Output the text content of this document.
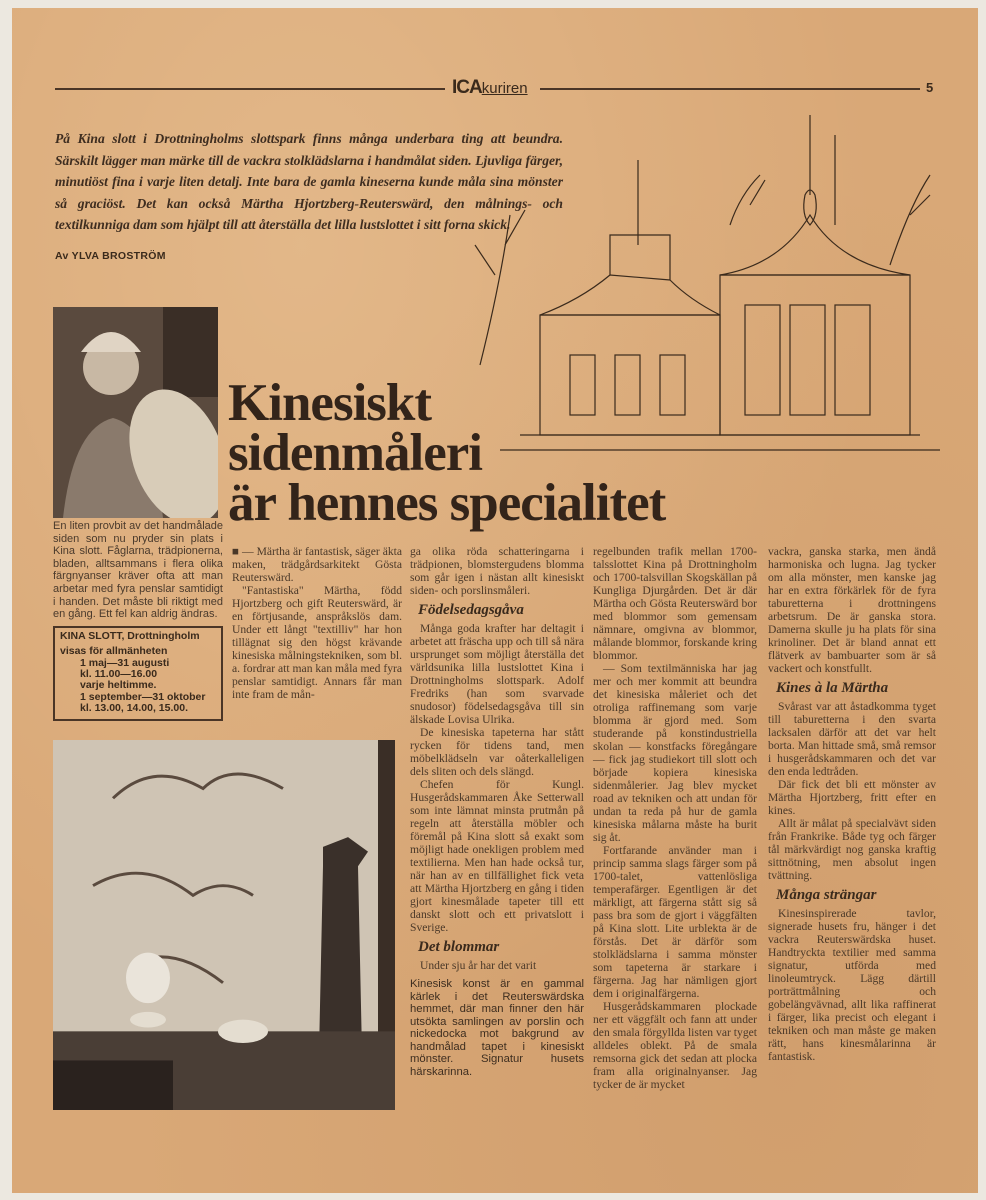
ICAkuriren	5
På Kina slott i Drottningholms slottspark finns många underbara ting att beundra. Särskilt lägger man märke till de vackra stolklädslarna i handmålat siden. Ljuvliga färger, minutiöst fina i varje liten detalj. Inte bara de gamla kineserna kunde måla sina mönster så graciöst. Det kan också Märtha Hjortzberg-Reuterswärd, den målnings- och textilkunniga dam som hjälpt till att återställa det lilla lustslottet i sitt forna skick.
Av YLVA BROSTRÖM
En liten provbit av det handmålade siden som nu pryder sin plats i Kina slott. Fåglarna, trädpionerna, bladen, alltsammans i flera olika färgnyanser kräver ofta att man arbetar med fyra penslar samtidigt i handen. Det måste bli riktigt med en gång. Ett fel kan aldrig ändras.
KINA SLOTT, Drottningholm
visas för allmänheten
1 maj—31 augusti
kl. 11.00—16.00
varje heltimme.
1 september—31 oktober
kl. 13.00, 14.00, 15.00.
Kinesiskt
sidenmåleri
är hennes specialitet

■ — Märtha är fantastisk, säger äkta maken, trädgårdsarkitekt Gösta Reuterswärd.

"Fantastiska" Märtha, född Hjortzberg och gift Reuterswärd, är en förtjusande, anspråkslös dam. Under ett långt "textilliv" har hon tillägnat sig den högst krävande kinesiska målningstekniken, som bl. a. fordrar att man kan måla med fyra penslar samtidigt. Annars får man inte fram de mån-

ga olika röda schatteringarna i trädpionen, blomstergudens blomma som går igen i nästan allt kinesiskt siden- och porslinsmåleri.

Födelsedagsgåva

Många goda krafter har deltagit i arbetet att fräscha upp och till så nära ursprunget som möjligt återställa det världsunika lilla lustslottet Kina i Drottningholms slottspark. Adolf Fredriks (han som svarvade snudosor) födelsedagsgåva till sin älskade Lovisa Ulrika.

De kinesiska tapeterna har stått rycken för tidens tand, men möbelklädseln var oåterkalleligen dels sliten och dels slängd.

Chefen för Kungl. Husgerådskammaren Åke Setterwall som inte lämnat minsta prutmån på regeln att återställa möbler och föremål på Kina slott så exakt som möjligt hade onekligen problem med textilierna. Men han hade också tur, när han av en tillfällighet fick veta att Märtha Hjortzberg en gång i tiden gjort kinesmålade tapeter till ett danskt slott och ett privatslott i Sverige.

Det blommar

Under sju år har det varit

Kinesisk konst är en gammal kärlek i det Reuterswärdska hemmet, där man finner den här utsökta samlingen av porslin och nickedocka mot bakgrund av handmålad tapet i kinesiskt mönster. Signatur husets härskarinna.

regelbunden trafik mellan 1700-talsslottet Kina på Drottningholm och 1700-talsvillan Skogskällan på Kungliga Djurgården. Det är där Märtha och Gösta Reuterswärd bor med blommor som gemensam nämnare, omgivna av blommor, målande blommor, forskande kring blommor.

— Som textilmänniska har jag mer och mer kommit att beundra det kinesiska måleriet och det otroliga raffinemang som varje blomma är gjord med. Som studerande på konstindustriella skolan — konstfacks föregångare — fick jag studiekort till slott och började kopiera kinesiska sidenmålerier. Jag blev mycket road av tekniken och att undan för undan ta reda på hur de gamla kinesiska målarna måste ha burit sig åt.

Fortfarande använder man i princip samma slags färger som på 1700-talet, vattenlösliga temperafärger. Egentligen är det märkligt, att färgerna stått sig så pass bra som de gjort i väggfälten på Kina slott. Lite urblekta är de förstås. Det är därför som stolklädslarna i samma mönster som tapeterna är starkare i färgerna. Jag har nämligen gjort dem i originalfärgerna.

Husgerådskammaren plockade ner ett väggfält och fann att under den smala förgyllda listen var tyget alldeles oblekt. På de smala remsorna gick det sedan att plocka fram alla originalnyanser. Jag tycker de är mycket

vackra, ganska starka, men ändå harmoniska och lugna. Jag tycker om alla mönster, men kanske jag har en extra förkärlek för de fyra taburetterna i drottningens arbetsrum. De är ganska stora. Damerna skulle ju ha plats för sina krinoliner. Det är bland annat ett flätverk av bambuarter som är så vackert och konstfullt.

Kines à la Märtha

Svårast var att åstadkomma tyget till taburetterna i den svarta lacksalen därför att det var helt borta. Man hittade små, små remsor i husgerådskammaren och det var den enda ledtråden.

Där fick det bli ett mönster av Märtha Hjortzberg, fritt efter en kines.

Allt är målat på specialvävt siden från Frankrike. Både tyg och färger tål märkvärdigt nog ganska kraftig sittnötning, men absolut ingen tvättning.

Många strängar

Kinesinspirerade tavlor, signerade husets fru, hänger i det vackra Reuterswärdska huset. Handtryckta textilier med samma signatur, utförda med linoleumtryck. Lägg därtill porträttmålning och gobelängvävnad, allt lika raffinerat i färger, lika precist och elegant i tekniken och man måste ge maken rätt, hans kinesmålarinna är fantastisk.
